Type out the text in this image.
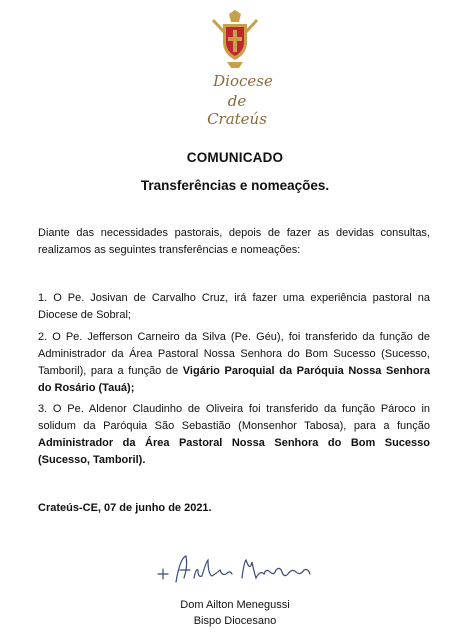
Diocese
de Crateús
COMUNICADO
Transferências e nomeações.
Diante das necessidades pastorais, depois de fazer as devidas consultas, realizamos as seguintes transferências e nomeações:
1. O Pe. Josivan de Carvalho Cruz, irá fazer uma experiência pastoral na Diocese de Sobral;
2. O Pe. Jefferson Carneiro da Silva (Pe. Géu), foi transferido da função de Administrador da Área Pastoral Nossa Senhora do Bom Sucesso (Sucesso, Tamboril), para a função de Vigário Paroquial da Paróquia Nossa Senhora do Rosário (Tauá);
3. O Pe. Aldenor Claudinho de Oliveira foi transferido da função Pároco in solidum da Paróquia São Sebastião (Monsenhor Tabosa), para a função Administrador da Área Pastoral Nossa Senhora do Bom Sucesso (Sucesso, Tamboril).
Crateús-CE, 07 de junho de 2021.
Dom Ailton Menegussi
Bispo Diocesano
